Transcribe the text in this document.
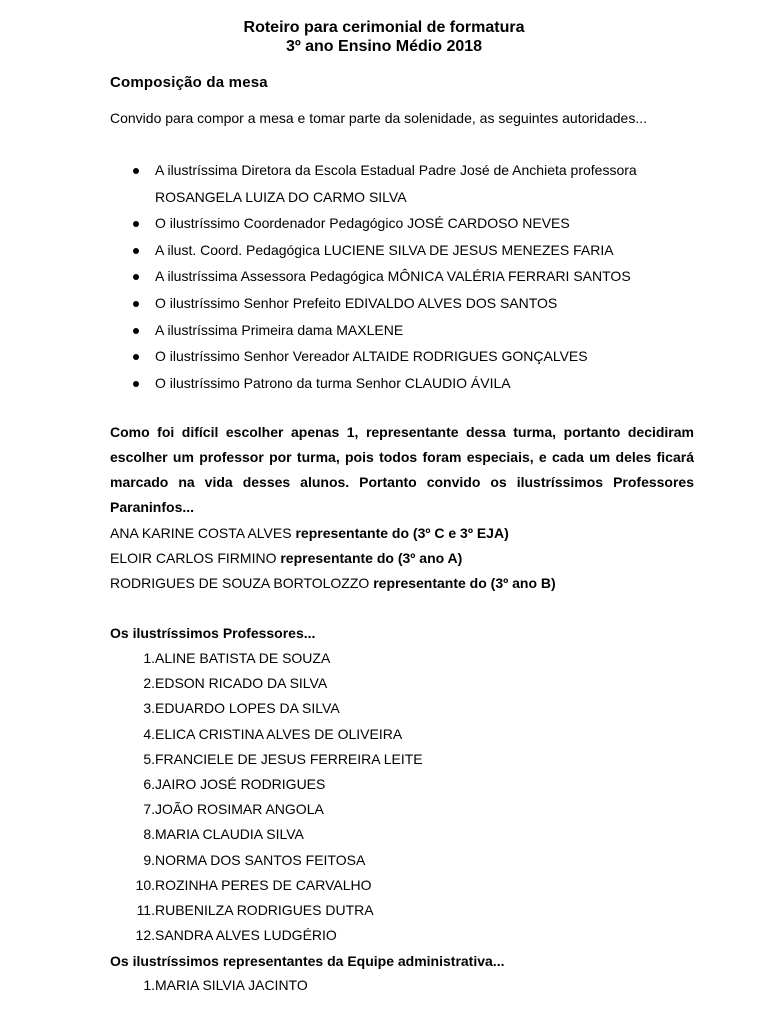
Roteiro para cerimonial de formatura
3º ano Ensino Médio 2018
Composição da mesa
Convido para compor a mesa e tomar parte da solenidade, as seguintes autoridades...
A ilustríssima Diretora da Escola Estadual Padre José de Anchieta professora ROSANGELA LUIZA DO CARMO SILVA
O ilustríssimo Coordenador Pedagógico JOSÉ CARDOSO NEVES
A ilust. Coord. Pedagógica LUCIENE SILVA DE JESUS MENEZES FARIA
A ilustríssima Assessora Pedagógica MÔNICA VALÉRIA FERRARI SANTOS
O ilustríssimo Senhor Prefeito EDIVALDO ALVES DOS SANTOS
A ilustríssima Primeira dama MAXLENE
O ilustríssimo Senhor Vereador ALTAIDE RODRIGUES GONÇALVES
O ilustríssimo Patrono da turma Senhor CLAUDIO ÁVILA
Como foi difícil escolher apenas 1, representante dessa turma, portanto decidiram escolher um professor por turma, pois todos foram especiais, e cada um deles ficará marcado na vida desses alunos. Portanto convido os ilustríssimos Professores Paraninfos...
ANA KARINE COSTA ALVES representante do (3º C e 3º EJA)
ELOIR CARLOS FIRMINO representante do (3º ano A)
RODRIGUES DE SOUZA BORTOLOZZO representante do (3º ano B)
Os ilustríssimos Professores...
1. ALINE BATISTA DE SOUZA
2. EDSON RICADO DA SILVA
3. EDUARDO LOPES DA SILVA
4. ELICA CRISTINA ALVES DE OLIVEIRA
5. FRANCIELE DE JESUS FERREIRA LEITE
6. JAIRO JOSÉ RODRIGUES
7. JOÃO ROSIMAR ANGOLA
8. MARIA CLAUDIA SILVA
9. NORMA DOS SANTOS FEITOSA
10. ROZINHA PERES DE CARVALHO
11. RUBENILZA RODRIGUES DUTRA
12. SANDRA ALVES LUDGÉRIO
Os ilustríssimos representantes da Equipe administrativa...
1. MARIA SILVIA JACINTO
